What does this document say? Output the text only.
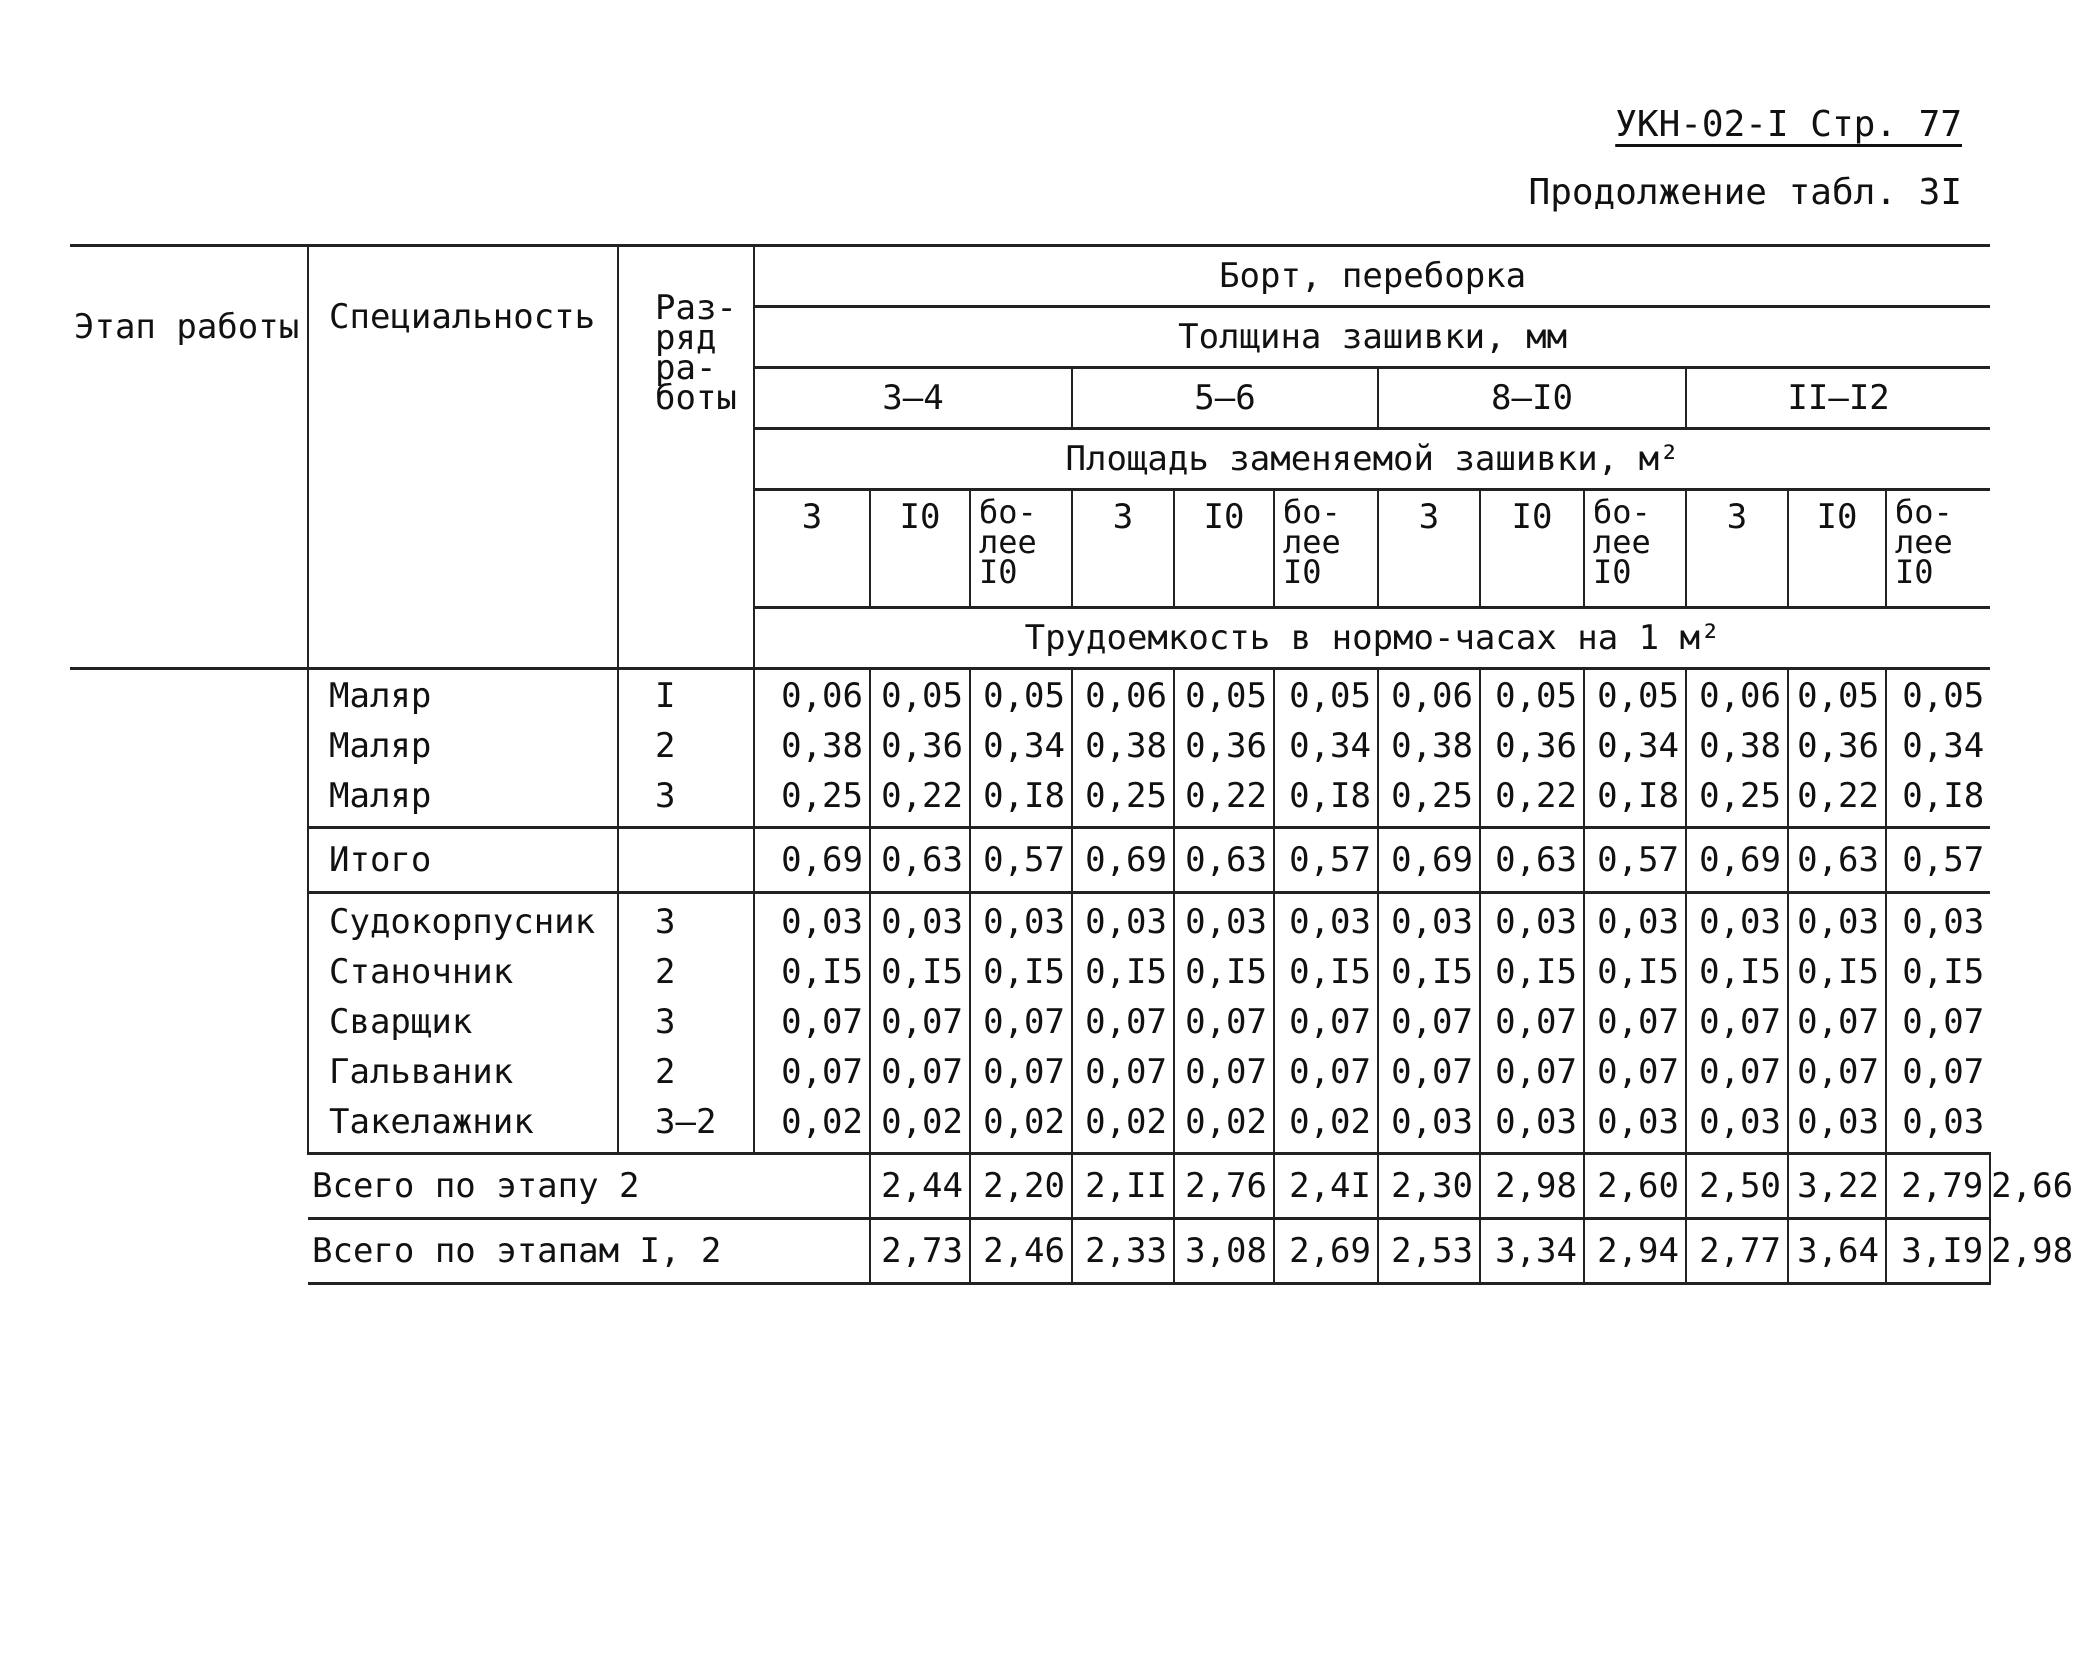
УКН-02-I Стр. 77
Продолжение табл. 3I
Этап работы	Специальность	Раз-
ряд
ра-
боты	Борт, переборка												
			Толщина зашивки, мм												
			3–4			5–6			8–I0			II–I2			
			Площадь заменяемой зашивки, м²												
			3	I0	бо-
лее
I0	3	I0	бо-
лее
I0	3	I0	бо-
лее
I0	3	I0	бо-
лее
I0	
			Трудоемкость в нормо-часах на 1 м²												
	Маляр	I	0,06	0,05	0,05	0,06	0,05	0,05	0,06	0,05	0,05	0,06	0,05	0,05	
	Маляр	2	0,38	0,36	0,34	0,38	0,36	0,34	0,38	0,36	0,34	0,38	0,36	0,34	
	Маляр	3	0,25	0,22	0,I8	0,25	0,22	0,I8	0,25	0,22	0,I8	0,25	0,22	0,I8	
	Итого		0,69	0,63	0,57	0,69	0,63	0,57	0,69	0,63	0,57	0,69	0,63	0,57	
	Судокорпусник	3	0,03	0,03	0,03	0,03	0,03	0,03	0,03	0,03	0,03	0,03	0,03	0,03	
	Станочник	2	0,I5	0,I5	0,I5	0,I5	0,I5	0,I5	0,I5	0,I5	0,I5	0,I5	0,I5	0,I5	
	Сварщик	3	0,07	0,07	0,07	0,07	0,07	0,07	0,07	0,07	0,07	0,07	0,07	0,07	
	Гальваник	2	0,07	0,07	0,07	0,07	0,07	0,07	0,07	0,07	0,07	0,07	0,07	0,07	
	Такелажник	3–2	0,02	0,02	0,02	0,02	0,02	0,02	0,03	0,03	0,03	0,03	0,03	0,03	
	Всего по этапу 2			2,44	2,20	2,II	2,76	2,4I	2,30	2,98	2,60	2,50	3,22	2,79	2,66
	Всего по этапам I, 2			2,73	2,46	2,33	3,08	2,69	2,53	3,34	2,94	2,77	3,64	3,I9	2,98
